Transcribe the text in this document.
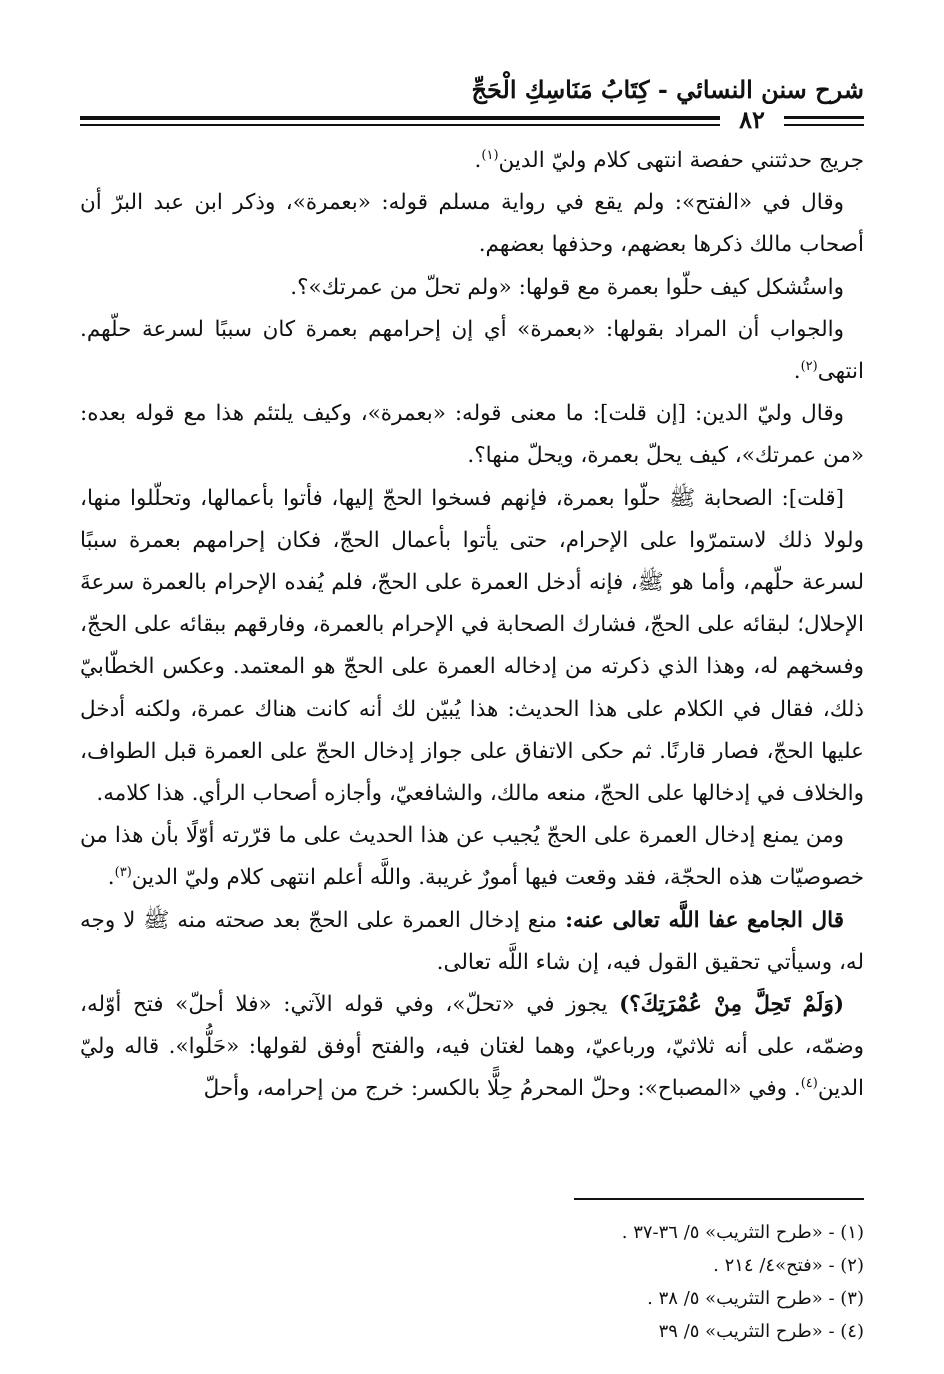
شرح سنن النسائي - كِتَابُ مَنَاسِكِ الْحَجِّ
٨٢

جريج حدثتني حفصة انتهى كلام وليّ الدين$^{(١)}$.

وقال في «الفتح»: ولم يقع في رواية مسلم قوله: «بعمرة»، وذكر ابن عبد البرّ أن أصحاب مالك ذكرها بعضهم، وحذفها بعضهم.

واستُشكل كيف حلّوا بعمرة مع قولها: «ولم تحلّ من عمرتك»؟.

والجواب أن المراد بقولها: «بعمرة» أي إن إحرامهم بعمرة كان سببًا لسرعة حلّهم. انتهى$^{(٢)}$.

وقال وليّ الدين: [إن قلت]: ما معنى قوله: «بعمرة»، وكيف يلتئم هذا مع قوله بعده: «من عمرتك»، كيف يحلّ بعمرة، ويحلّ منها؟.

[قلت]: الصحابة ﷺ حلّوا بعمرة، فإنهم فسخوا الحجّ إليها، فأتوا بأعمالها، وتحلّلوا منها، ولولا ذلك لاستمرّوا على الإحرام، حتى يأتوا بأعمال الحجّ، فكان إحرامهم بعمرة سببًا لسرعة حلّهم، وأما هو ﷺ، فإنه أدخل العمرة على الحجّ، فلم يُفده الإحرام بالعمرة سرعةَ الإحلال؛ لبقائه على الحجّ، فشارك الصحابة في الإحرام بالعمرة، وفارقهم ببقائه على الحجّ، وفسخهم له، وهذا الذي ذكرته من إدخاله العمرة على الحجّ هو المعتمد. وعكس الخطّابيّ ذلك، فقال في الكلام على هذا الحديث: هذا يُبيّن لك أنه كانت هناك عمرة، ولكنه أدخل عليها الحجّ، فصار قارنًا. ثم حكى الاتفاق على جواز إدخال الحجّ على العمرة قبل الطواف، والخلاف في إدخالها على الحجّ، منعه مالك، والشافعيّ، وأجازه أصحاب الرأي. هذا كلامه.

ومن يمنع إدخال العمرة على الحجّ يُجيب عن هذا الحديث على ما قرّرته أوّلًا بأن هذا من خصوصيّات هذه الحجّة، فقد وقعت فيها أمورٌ غريبة. واللَّه أعلم انتهى كلام وليّ الدين$^{(٣)}$.

قال الجامع عفا اللَّه تعالى عنه: منع إدخال العمرة على الحجّ بعد صحته منه ﷺ لا وجه له، وسيأتي تحقيق القول فيه، إن شاء اللَّه تعالى.

(وَلَمْ تَحِلَّ مِنْ عُمْرَتِكَ؟) يجوز في «تحلّ»، وفي قوله الآتي: «فلا أحلّ» فتح أوّله، وضمّه، على أنه ثلاثيّ، ورباعيّ، وهما لغتان فيه، والفتح أوفق لقولها: «حَلُّوا». قاله وليّ الدين$^{(٤)}$. وفي «المصباح»: وحلّ المحرمُ حِلًّا بالكسر: خرج من إحرامه، وأحلّ

(١) - «طرح التثريب» ٥/ ٣٦-٣٧ .
(٢) - «فتح»٤/ ٢١٤ .
(٣) - «طرح التثريب» ٥/ ٣٨ .
(٤) - «طرح التثريب» ٥/ ٣٩
